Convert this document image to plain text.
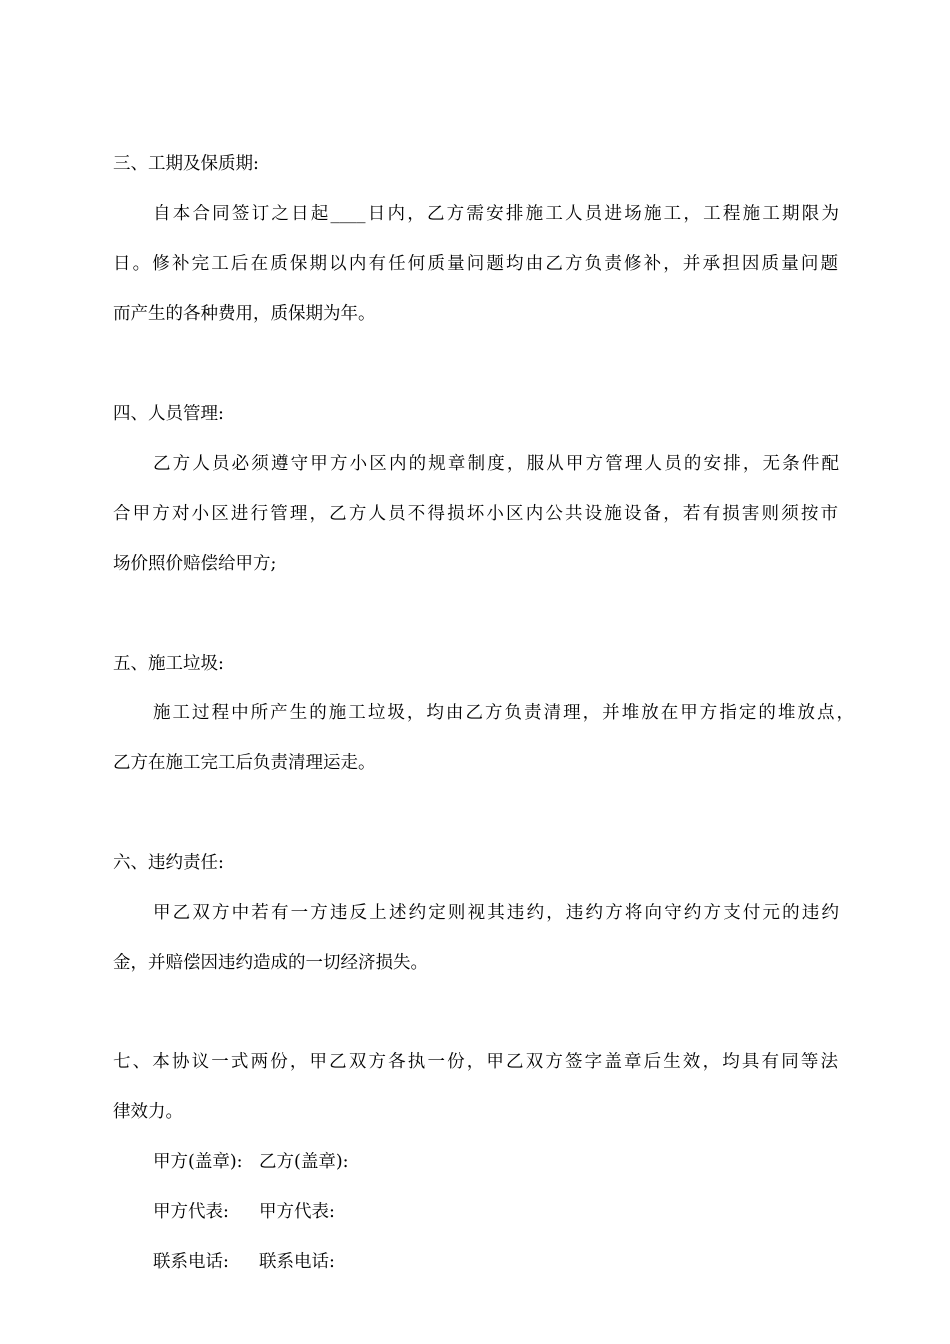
三、工期及保质期:
自本合同签订之日起____日内，乙方需安排施工人员进场施工，工程施工期限为
日。修补完工后在质保期以内有任何质量问题均由乙方负责修补，并承担因质量问题
而产生的各种费用，质保期为年。
四、人员管理:
乙方人员必须遵守甲方小区内的规章制度，服从甲方管理人员的安排，无条件配
合甲方对小区进行管理，乙方人员不得损坏小区内公共设施设备，若有损害则须按市
场价照价赔偿给甲方;
五、施工垃圾:
施工过程中所产生的施工垃圾，均由乙方负责清理，并堆放在甲方指定的堆放点，
乙方在施工完工后负责清理运走。
六、违约责任:
甲乙双方中若有一方违反上述约定则视其违约，违约方将向守约方支付元的违约
金，并赔偿因违约造成的一切经济损失。
七、本协议一式两份，甲乙双方各执一份，甲乙双方签字盖章后生效，均具有同等法
律效力。
甲方(盖章): 乙方(盖章):
甲方代表: 甲方代表:
联系电话: 联系电话:
